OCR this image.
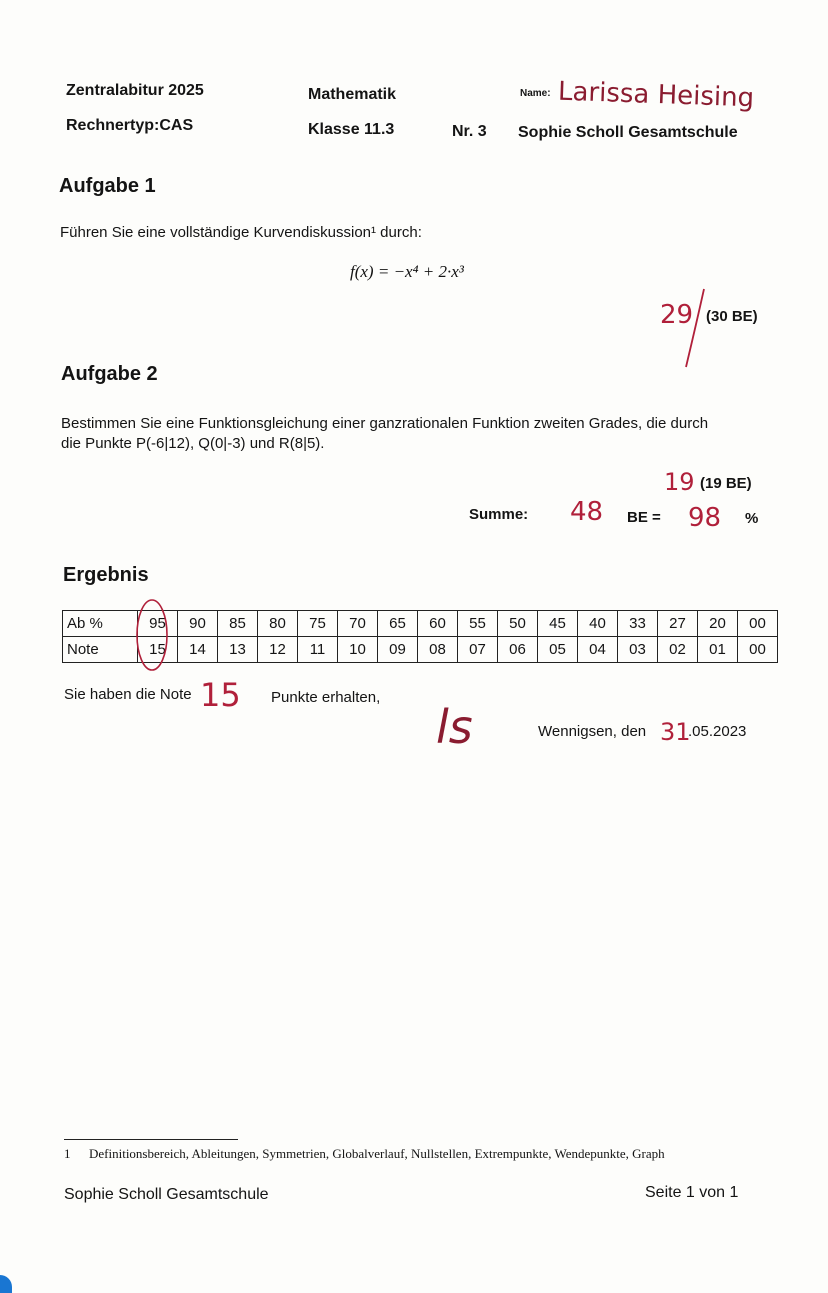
Zentralabitur 2025
Rechnertyp:CAS
Mathematik
Klasse 11.3	Nr. 3
Name: Larissa Heising
Sophie Scholl Gesamtschule
Aufgabe 1
Führen Sie eine vollständige Kurvendiskussion¹ durch:
f(x) = −x⁴ + 2·x³
29 (30 BE)
Aufgabe 2
Bestimmen Sie eine Funktionsgleichung einer ganzrationalen Funktion zweiten Grades, die durch
die Punkte P(-6|12), Q(0|-3) und R(8|5).
19 (19 BE)
Summe: 48 BE = 98 %
Ergebnis
Ab %	95	90	85	80	75	70	65	60	55	50	45	40	33	27	20	00
Note	15	14	13	12	11	10	09	08	07	06	05	04	03	02	01	00
Sie haben die Note 15 Punkte erhalten,
ls	Wennigsen, den 31
.05.2023
1 Definitionsbereich, Ableitungen, Symmetrien, Globalverlauf, Nullstellen, Extrempunkte, Wendepunkte, Graph
Sophie Scholl Gesamtschule	Seite 1 von 1
